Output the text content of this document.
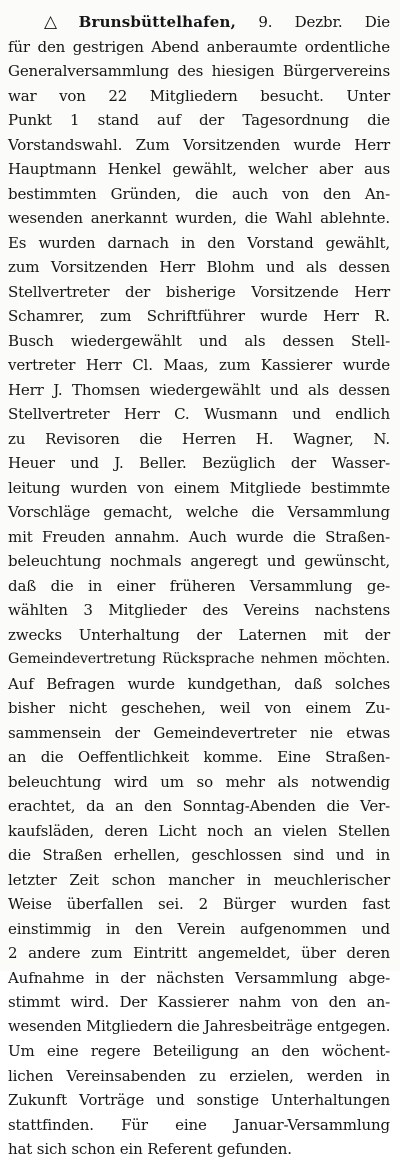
△ Brunsbüttelhafen, 9. Dezbr. Die
für den gestrigen Abend anberaumte ordentliche
Generalversammlung des hiesigen Bürgervereins
war von 22 Mitgliedern besucht. Unter
Punkt 1 stand auf der Tagesordnung die
Vorstandswahl. Zum Vorsitzenden wurde Herr
Hauptmann Henkel gewählt, welcher aber aus
bestimmten Gründen, die auch von den An-
wesenden anerkannt wurden, die Wahl ablehnte.
Es wurden darnach in den Vorstand gewählt,
zum Vorsitzenden Herr Blohm und als dessen
Stellvertreter der bisherige Vorsitzende Herr
Schamrer, zum Schriftführer wurde Herr R.
Busch wiedergewählt und als dessen Stell-
vertreter Herr Cl. Maas, zum Kassierer wurde
Herr J. Thomsen wiedergewählt und als dessen
Stellvertreter Herr C. Wusmann und endlich
zu Revisoren die Herren H. Wagner, N.
Heuer und J. Beller. Bezüglich der Wasser-
leitung wurden von einem Mitgliede bestimmte
Vorschläge gemacht, welche die Versammlung
mit Freuden annahm. Auch wurde die Straßen-
beleuchtung nochmals angeregt und gewünscht,
daß die in einer früheren Versammlung ge-
wählten 3 Mitglieder des Vereins nachstens
zwecks Unterhaltung der Laternen mit der
Gemeindevertretung Rücksprache nehmen möchten.
Auf Befragen wurde kundgethan, daß solches
bisher nicht geschehen, weil von einem Zu-
sammensein der Gemeindevertreter nie etwas
an die Oeffentlichkeit komme. Eine Straßen-
beleuchtung wird um so mehr als notwendig
erachtet, da an den Sonntag-Abenden die Ver-
kaufsläden, deren Licht noch an vielen Stellen
die Straßen erhellen, geschlossen sind und in
letzter Zeit schon mancher in meuchlerischer
Weise überfallen sei. 2 Bürger wurden fast
einstimmig in den Verein aufgenommen und
2 andere zum Eintritt angemeldet, über deren
Aufnahme in der nächsten Versammlung abge-
stimmt wird. Der Kassierer nahm von den an-
wesenden Mitgliedern die Jahresbeiträge entgegen.
Um eine regere Beteiligung an den wöchent-
lichen Vereinsabenden zu erzielen, werden in
Zukunft Vorträge und sonstige Unterhaltungen
stattfinden. Für eine Januar-Versammlung
hat sich schon ein Referent gefunden.
